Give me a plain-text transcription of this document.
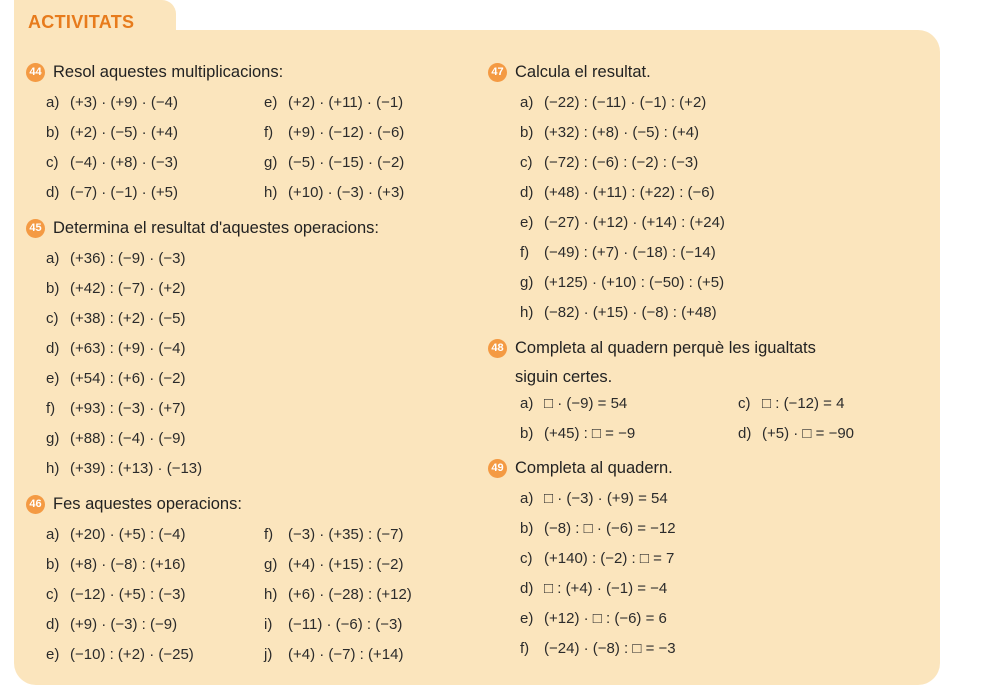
ACTIVITATS
44 Resol aquestes multiplicacions:
a) (+3) · (+9) · (−4)
b) (+2) · (−5) · (+4)
c) (−4) · (+8) · (−3)
d) (−7) · (−1) · (+5)
e) (+2) · (+11) · (−1)
f) (+9) · (−12) · (−6)
g) (−5) · (−15) · (−2)
h) (+10) · (−3) · (+3)
45 Determina el resultat d'aquestes operacions:
a) (+36) : (−9) · (−3)
b) (+42) : (−7) · (+2)
c) (+38) : (+2) · (−5)
d) (+63) : (+9) · (−4)
e) (+54) : (+6) · (−2)
f) (+93) : (−3) · (+7)
g) (+88) : (−4) · (−9)
h) (+39) : (+13) · (−13)
46 Fes aquestes operacions:
a) (+20) · (+5) : (−4)
b) (+8) · (−8) : (+16)
c) (−12) · (+5) : (−3)
d) (+9) · (−3) : (−9)
e) (−10) : (+2) · (−25)
f) (−3) · (+35) : (−7)
g) (+4) · (+15) : (−2)
h) (+6) · (−28) : (+12)
i) (−11) · (−6) : (−3)
j) (+4) · (−7) : (+14)
47 Calcula el resultat.
a) (−22) : (−11) · (−1) : (+2)
b) (+32) : (+8) · (−5) : (+4)
c) (−72) : (−6) : (−2) : (−3)
d) (+48) · (+11) : (+22) : (−6)
e) (−27) · (+12) · (+14) : (+24)
f) (−49) : (+7) · (−18) : (−14)
g) (+125) · (+10) : (−50) : (+5)
h) (−82) · (+15) · (−8) : (+48)
48 Completa al quadern perquè les igualtats siguin certes.
a) □ · (−9) = 54
b) (+45) : □ = −9
c) □ : (−12) = 4
d) (+5) · □ = −90
49 Completa al quadern.
a) □ · (−3) · (+9) = 54
b) (−8) : □ · (−6) = −12
c) (+140) : (−2) : □ = 7
d) □ : (+4) · (−1) = −4
e) (+12) · □ : (−6) = 6
f) (−24) · (−8) : □ = −3
